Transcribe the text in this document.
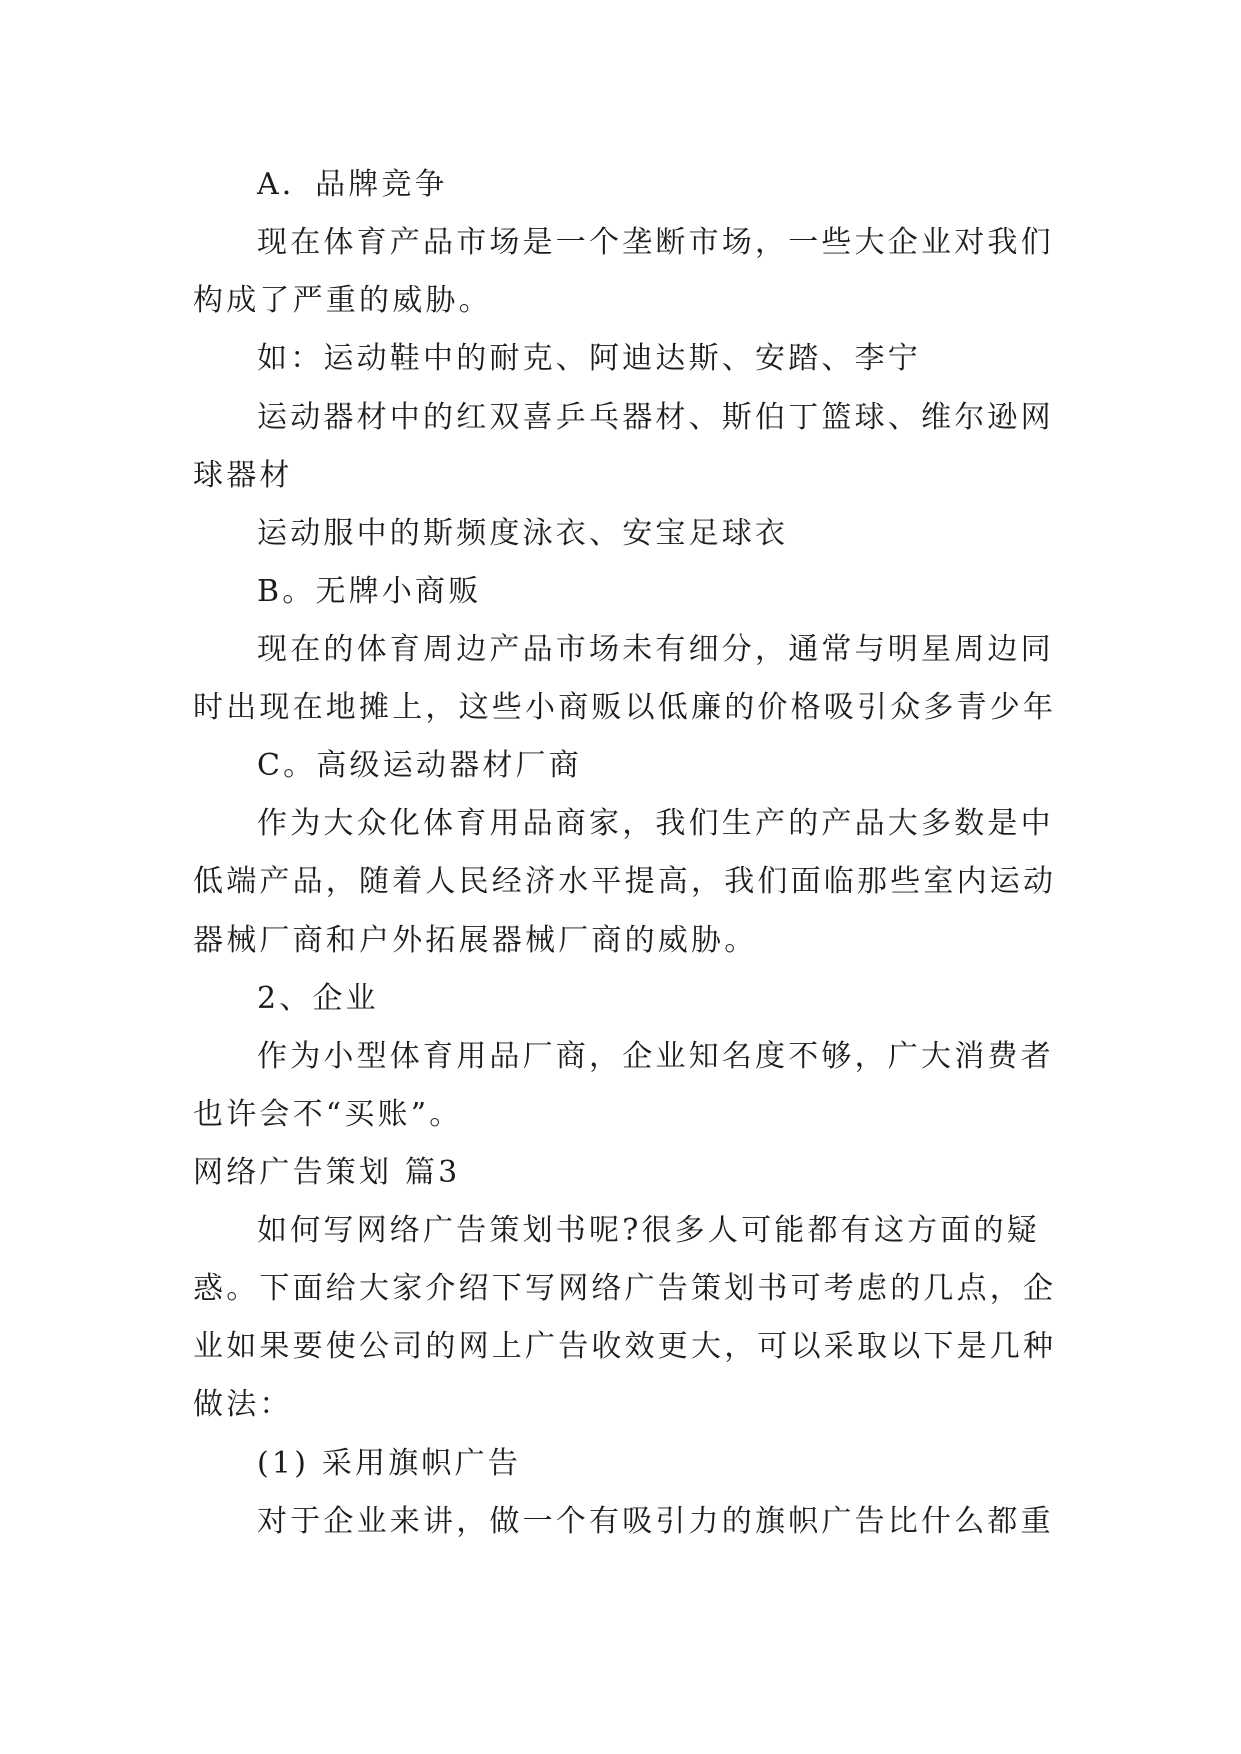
A．品牌竞争
现在体育产品市场是一个垄断市场，一些大企业对我们
构成了严重的威胁。
如：运动鞋中的耐克、阿迪达斯、安踏、李宁
运动器材中的红双喜乒乓器材、斯伯丁篮球、维尔逊网
球器材
运动服中的斯频度泳衣、安宝足球衣
B。无牌小商贩
现在的体育周边产品市场未有细分，通常与明星周边同
时出现在地摊上，这些小商贩以低廉的价格吸引众多青少年
C。高级运动器材厂商
作为大众化体育用品商家，我们生产的产品大多数是中
低端产品，随着人民经济水平提高，我们面临那些室内运动
器械厂商和户外拓展器械厂商的威胁。
2、企业
作为小型体育用品厂商，企业知名度不够，广大消费者
也许会不“买账”。
网络广告策划 篇3
如何写网络广告策划书呢?很多人可能都有这方面的疑
惑。下面给大家介绍下写网络广告策划书可考虑的几点，企
业如果要使公司的网上广告收效更大，可以采取以下是几种
做法：
(1) 采用旗帜广告
对于企业来讲，做一个有吸引力的旗帜广告比什么都重
